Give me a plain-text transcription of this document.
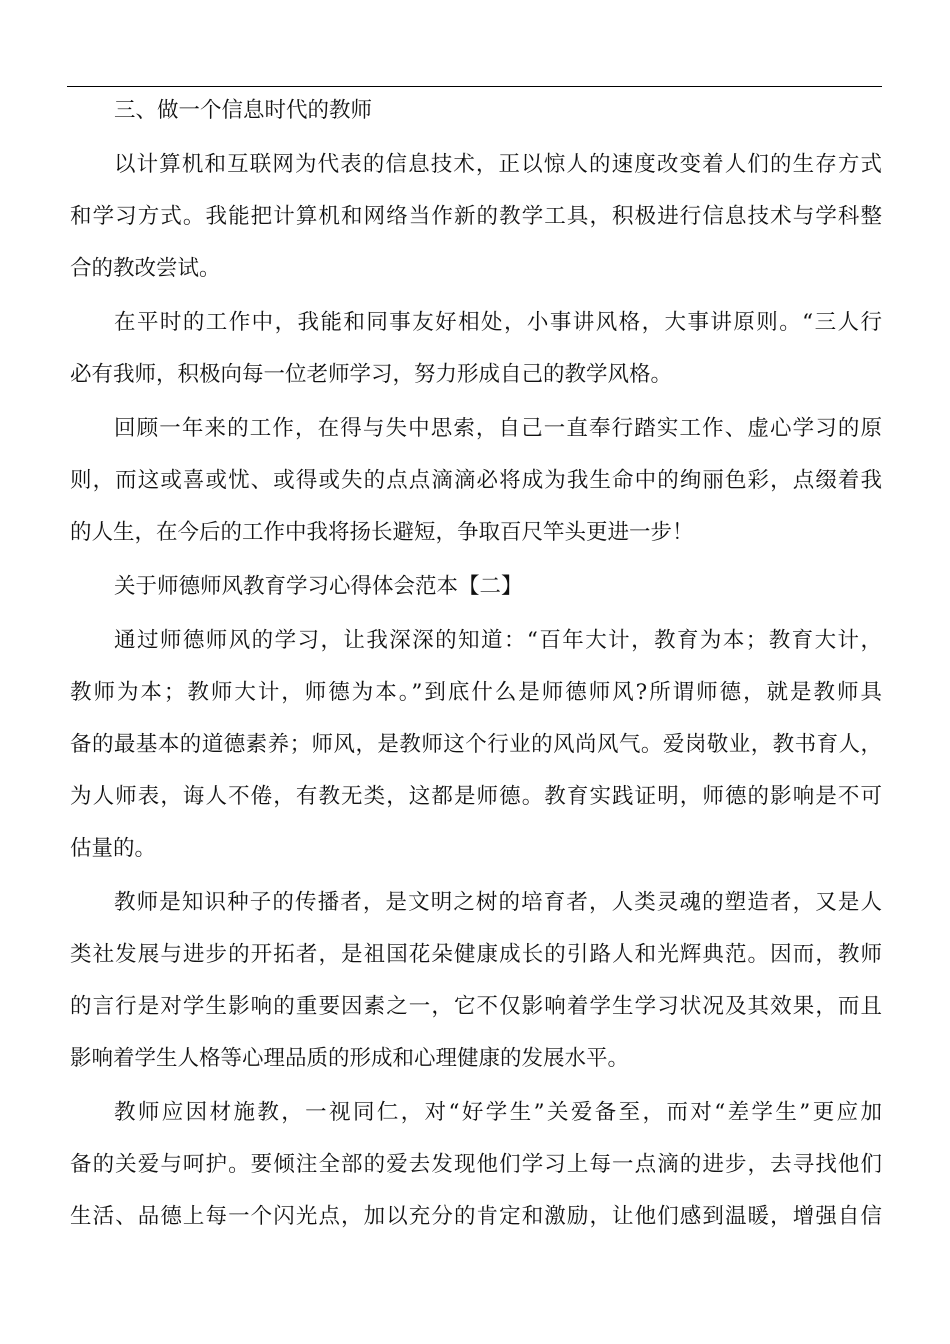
三、做一个信息时代的教师
以计算机和互联网为代表的信息技术，正以惊人的速度改变着人们的生存方式
和学习方式。我能把计算机和网络当作新的教学工具，积极进行信息技术与学科整
合的教改尝试。
在平时的工作中，我能和同事友好相处，小事讲风格，大事讲原则。“三人行
必有我师，积极向每一位老师学习，努力形成自己的教学风格。
回顾一年来的工作，在得与失中思索，自己一直奉行踏实工作、虚心学习的原
则，而这或喜或忧、或得或失的点点滴滴必将成为我生命中的绚丽色彩，点缀着我
的人生，在今后的工作中我将扬长避短，争取百尺竿头更进一步！
关于师德师风教育学习心得体会范本【二】
通过师德师风的学习，让我深深的知道：“百年大计，教育为本；教育大计，
教师为本；教师大计，师德为本。”到底什么是师德师风?所谓师德，就是教师具
备的最基本的道德素养；师风，是教师这个行业的风尚风气。爱岗敬业，教书育人，
为人师表，诲人不倦，有教无类，这都是师德。教育实践证明，师德的影响是不可
估量的。
教师是知识种子的传播者，是文明之树的培育者，人类灵魂的塑造者，又是人
类社发展与进步的开拓者，是祖国花朵健康成长的引路人和光辉典范。因而，教师
的言行是对学生影响的重要因素之一，它不仅影响着学生学习状况及其效果，而且
影响着学生人格等心理品质的形成和心理健康的发展水平。
教师应因材施教，一视同仁，对“好学生”关爱备至，而对“差学生”更应加
备的关爱与呵护。要倾注全部的爱去发现他们学习上每一点滴的进步，去寻找他们
生活、品德上每一个闪光点，加以充分的肯定和激励，让他们感到温暖，增强自信
